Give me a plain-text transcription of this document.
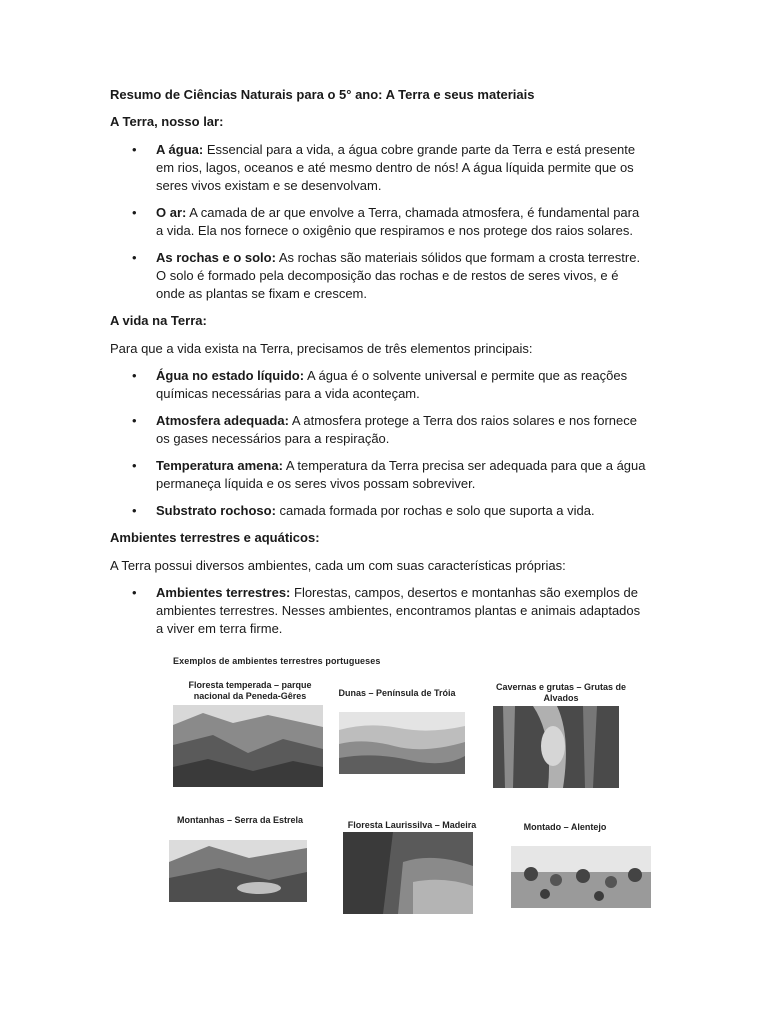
Resumo de Ciências Naturais para o 5° ano: A Terra e seus materiais

A Terra, nosso lar:

• A água: Essencial para a vida, a água cobre grande parte da Terra e está presente em rios, lagos, oceanos e até mesmo dentro de nós! A água líquida permite que os seres vivos existam e se desenvolvam.
• O ar: A camada de ar que envolve a Terra, chamada atmosfera, é fundamental para a vida. Ela nos fornece o oxigênio que respiramos e nos protege dos raios solares.
• As rochas e o solo: As rochas são materiais sólidos que formam a crosta terrestre. O solo é formado pela decomposição das rochas e de restos de seres vivos, e é onde as plantas se fixam e crescem.

A vida na Terra:

Para que a vida exista na Terra, precisamos de três elementos principais:

• Água no estado líquido: A água é o solvente universal e permite que as reações químicas necessárias para a vida aconteçam.
• Atmosfera adequada: A atmosfera protege a Terra dos raios solares e nos fornece os gases necessários para a respiração.
• Temperatura amena: A temperatura da Terra precisa ser adequada para que a água permaneça líquida e os seres vivos possam sobreviver.
• Substrato rochoso: camada formada por rochas e solo que suporta a vida.

Ambientes terrestres e aquáticos:

A Terra possui diversos ambientes, cada um com suas características próprias:

• Ambientes terrestres: Florestas, campos, desertos e montanhas são exemplos de ambientes terrestres. Nesses ambientes, encontramos plantas e animais adaptados a viver em terra firme.
Exemplos de ambientes terrestres portugueses
Floresta temperada – parque nacional da Peneda-Gêres	Dunas – Península de Tróia
Cavernas e grutas – Grutas de Alvados
Montanhas – Serra da Estrela	Floresta Laurissilva – Madeira	Montado – Alentejo
